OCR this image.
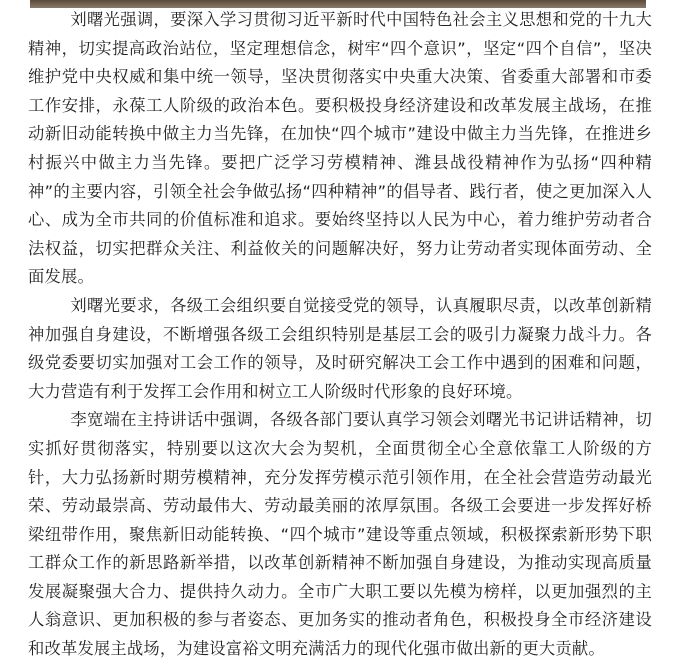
刘曙光强调，要深入学习贯彻习近平新时代中国特色社会主义思想和党的十九大精神，切实提高政治站位，坚定理想信念，树牢“四个意识”，坚定“四个自信”，坚决维护党中央权威和集中统一领导，坚决贯彻落实中央重大决策、省委重大部署和市委工作安排，永葆工人阶级的政治本色。要积极投身经济建设和改革发展主战场，在推动新旧动能转换中做主力当先锋，在加快“四个城市”建设中做主力当先锋，在推进乡村振兴中做主力当先锋。要把广泛学习劳模精神、潍县战役精神作为弘扬“四种精神”的主要内容，引领全社会争做弘扬“四种精神”的倡导者、践行者，使之更加深入人心、成为全市共同的价值标准和追求。要始终坚持以人民为中心，着力维护劳动者合法权益，切实把群众关注、利益攸关的问题解决好，努力让劳动者实现体面劳动、全面发展。

刘曙光要求，各级工会组织要自觉接受党的领导，认真履职尽责，以改革创新精神加强自身建设，不断增强各级工会组织特别是基层工会的吸引力凝聚力战斗力。各级党委要切实加强对工会工作的领导，及时研究解决工会工作中遇到的困难和问题，大力营造有利于发挥工会作用和树立工人阶级时代形象的良好环境。

李宽端在主持讲话中强调，各级各部门要认真学习领会刘曙光书记讲话精神，切实抓好贯彻落实，特别要以这次大会为契机，全面贯彻全心全意依靠工人阶级的方针，大力弘扬新时期劳模精神，充分发挥劳模示范引领作用，在全社会营造劳动最光荣、劳动最崇高、劳动最伟大、劳动最美丽的浓厚氛围。各级工会要进一步发挥好桥梁纽带作用，聚焦新旧动能转换、“四个城市”建设等重点领域，积极探索新形势下职工群众工作的新思路新举措，以改革创新精神不断加强自身建设，为推动实现高质量发展凝聚强大合力、提供持久动力。全市广大职工要以先模为榜样，以更加强烈的主人翁意识、更加积极的参与者姿态、更加务实的推动者角色，积极投身全市经济建设和改革发展主战场，为建设富裕文明充满活力的现代化强市做出新的更大贡献。
